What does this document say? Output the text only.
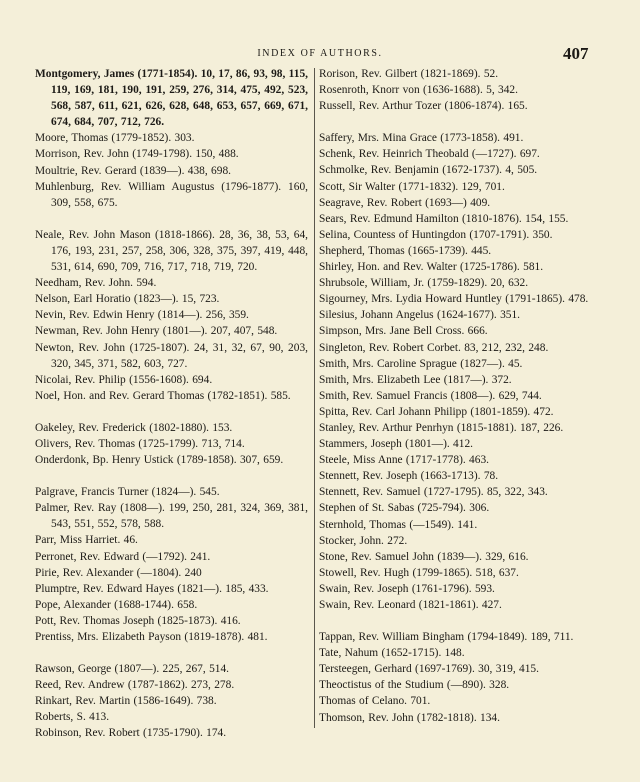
INDEX OF AUTHORS.	407
Montgomery, James (1771-1854). 10, 17, 86, 93, 98, 115, 119, 169, 181, 190, 191, 259, 276, 314, 475, 492, 523, 568, 587, 611, 621, 626, 628, 648, 653, 657, 669, 671, 674, 684, 707, 712, 726.
Moore, Thomas (1779-1852). 303.
Morrison, Rev. John (1749-1798). 150, 488.
Moultrie, Rev. Gerard (1839—). 438, 698.
Muhlenburg, Rev. William Augustus (1796-1877). 160, 309, 558, 675.
Neale, Rev. John Mason (1818-1866). 28, 36, 38, 53, 64, 176, 193, 231, 257, 258, 306, 328, 375, 397, 419, 448, 531, 614, 690, 709, 716, 717, 718, 719, 720.
Needham, Rev. John. 594.
Nelson, Earl Horatio (1823—). 15, 723.
Nevin, Rev. Edwin Henry (1814—). 256, 359.
Newman, Rev. John Henry (1801—). 207, 407, 548.
Newton, Rev. John (1725-1807). 24, 31, 32, 67, 90, 203, 320, 345, 371, 582, 603, 727.
Nicolai, Rev. Philip (1556-1608). 694.
Noel, Hon. and Rev. Gerard Thomas (1782-1851). 585.
Oakeley, Rev. Frederick (1802-1880). 153.
Olivers, Rev. Thomas (1725-1799). 713, 714.
Onderdonk, Bp. Henry Ustick (1789-1858). 307, 659.
Palgrave, Francis Turner (1824—). 545.
Palmer, Rev. Ray (1808—). 199, 250, 281, 324, 369, 381, 543, 551, 552, 578, 588.
Parr, Miss Harriet. 46.
Perronet, Rev. Edward (—1792). 241.
Pirie, Rev. Alexander (—1804). 240
Plumptre, Rev. Edward Hayes (1821—). 185, 433.
Pope, Alexander (1688-1744). 658.
Pott, Rev. Thomas Joseph (1825-1873). 416.
Prentiss, Mrs. Elizabeth Payson (1819-1878). 481.
Rawson, George (1807—). 225, 267, 514.
Reed, Rev. Andrew (1787-1862). 273, 278.
Rinkart, Rev. Martin (1586-1649). 738.
Roberts, S. 413.
Robinson, Rev. Robert (1735-1790). 174.
Rorison, Rev. Gilbert (1821-1869). 52.
Rosenroth, Knorr von (1636-1688). 5, 342.
Russell, Rev. Arthur Tozer (1806-1874). 165.
Saffery, Mrs. Mina Grace (1773-1858). 491.
Schenk, Rev. Heinrich Theobald (—1727). 697.
Schmolke, Rev. Benjamin (1672-1737). 4, 505.
Scott, Sir Walter (1771-1832). 129, 701.
Seagrave, Rev. Robert (1693—) 409.
Sears, Rev. Edmund Hamilton (1810-1876). 154, 155.
Selina, Countess of Huntingdon (1707-1791). 350.
Shepherd, Thomas (1665-1739). 445.
Shirley, Hon. and Rev. Walter (1725-1786). 581.
Shrubsole, William, Jr. (1759-1829). 20, 632.
Sigourney, Mrs. Lydia Howard Huntley (1791-1865). 478.
Silesius, Johann Angelus (1624-1677). 351.
Simpson, Mrs. Jane Bell Cross. 666.
Singleton, Rev. Robert Corbet. 83, 212, 232, 248.
Smith, Mrs. Caroline Sprague (1827—). 45.
Smith, Mrs. Elizabeth Lee (1817—). 372.
Smith, Rev. Samuel Francis (1808—). 629, 744.
Spitta, Rev. Carl Johann Philipp (1801-1859). 472.
Stanley, Rev. Arthur Penrhyn (1815-1881). 187, 226.
Stammers, Joseph (1801—). 412.
Steele, Miss Anne (1717-1778). 463.
Stennett, Rev. Joseph (1663-1713). 78.
Stennett, Rev. Samuel (1727-1795). 85, 322, 343.
Stephen of St. Sabas (725-794). 306.
Sternhold, Thomas (—1549). 141.
Stocker, John. 272.
Stone, Rev. Samuel John (1839—). 329, 616.
Stowell, Rev. Hugh (1799-1865). 518, 637.
Swain, Rev. Joseph (1761-1796). 593.
Swain, Rev. Leonard (1821-1861). 427.
Tappan, Rev. William Bingham (1794-1849). 189, 711.
Tate, Nahum (1652-1715). 148.
Tersteegen, Gerhard (1697-1769). 30, 319, 415.
Theoctistus of the Studium (—890). 328.
Thomas of Celano. 701.
Thomson, Rev. John (1782-1818). 134.
